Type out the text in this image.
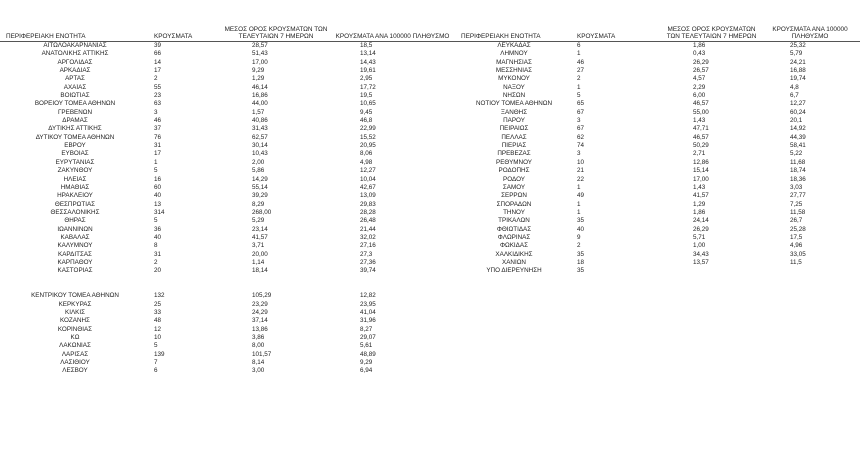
ΠΕΡΙΦΕΡΕΙΑΚΗ ΕΝΟΤΗΤΑ	ΚΡΟΥΣΜΑΤΑ	ΜΕΣΟΣ ΟΡΟΣ ΚΡΟΥΣΜΑΤΩΝ ΤΩΝ ΤΕΛΕΥΤΑΙΩΝ 7 ΗΜΕΡΩΝ	ΚΡΟΥΣΜΑΤΑ ΑΝΑ 100000 ΠΛΗΘΥΣΜΟ
ΑΙΤΩΛΟΑΚΑΡΝΑΝΙΑΣ	39	28,57	18,5
ΑΝΑΤΟΛΙΚΗΣ ΑΤΤΙΚΗΣ	66	51,43	13,14
ΑΡΓΟΛΙΔΑΣ	14	17,00	14,43
ΑΡΚΑΔΙΑΣ	17	9,29	19,61
ΑΡΤΑΣ	2	1,29	2,95
ΑΧΑΪΑΣ	55	46,14	17,72
ΒΟΙΩΤΙΑΣ	23	16,86	19,5
ΒΟΡΕΙΟΥ ΤΟΜΕΑ ΑΘΗΝΩΝ	63	44,00	10,65
ΓΡΕΒΕΝΩΝ	3	1,57	9,45
ΔΡΑΜΑΣ	46	40,86	46,8
ΔΥΤΙΚΗΣ ΑΤΤΙΚΗΣ	37	31,43	22,99
ΔΥΤΙΚΟΥ ΤΟΜΕΑ ΑΘΗΝΩΝ	76	62,57	15,52
ΕΒΡΟΥ	31	30,14	20,95
ΕΥΒΟΙΑΣ	17	10,43	8,06
ΕΥΡΥΤΑΝΙΑΣ	1	2,00	4,98
ΖΑΚΥΝΘΟΥ	5	5,86	12,27
ΗΛΕΙΑΣ	16	14,29	10,04
ΗΜΑΘΙΑΣ	60	55,14	42,67
ΗΡΑΚΛΕΙΟΥ	40	39,29	13,09
ΘΕΣΠΡΩΤΙΑΣ	13	8,29	29,83
ΘΕΣΣΑΛΟΝΙΚΗΣ	314	268,00	28,28
ΘΗΡΑΣ	5	5,29	26,48
ΙΩΑΝΝΙΝΩΝ	36	23,14	21,44
ΚΑΒΑΛΑΣ	40	41,57	32,02
ΚΑΛΥΜΝΟΥ	8	3,71	27,16
ΚΑΡΔΙΤΣΑΣ	31	20,00	27,3
ΚΑΡΠΑΘΟΥ	2	1,14	27,36
ΚΑΣΤΟΡΙΑΣ	20	18,14	39,74

ΚΕΝΤΡΙΚΟΥ ΤΟΜΕΑ ΑΘΗΝΩΝ	132	105,29	12,82
ΚΕΡΚΥΡΑΣ	25	23,29	23,95
ΚΙΛΚΙΣ	33	24,29	41,04
ΚΟΖΑΝΗΣ	48	37,14	31,96
ΚΟΡΙΝΘΙΑΣ	12	13,86	8,27
ΚΩ	10	3,86	29,07
ΛΑΚΩΝΙΑΣ	5	8,00	5,61
ΛΑΡΙΣΑΣ	139	101,57	48,89
ΛΑΣΙΘΙΟΥ	7	8,14	9,29
ΛΕΣΒΟΥ	6	3,00	6,94
ΠΕΡΙΦΕΡΕΙΑΚΗ ΕΝΟΤΗΤΑ	ΚΡΟΥΣΜΑΤΑ	ΜΕΣΟΣ ΟΡΟΣ ΚΡΟΥΣΜΑΤΩΝ ΤΩΝ ΤΕΛΕΥΤΑΙΩΝ 7 ΗΜΕΡΩΝ	ΚΡΟΥΣΜΑΤΑ ΑΝΑ 100000 ΠΛΗΘΥΣΜΟ
ΛΕΥΚΑΔΑΣ	6	1,86	25,32
ΛΗΜΝΟΥ	1	0,43	5,79
ΜΑΓΝΗΣΙΑΣ	46	26,29	24,21
ΜΕΣΣΗΝΙΑΣ	27	26,57	16,88
ΜΥΚΟΝΟΥ	2	4,57	19,74
ΝΑΞΟΥ	1	2,29	4,8
ΝΗΣΩΝ	5	6,00	6,7
ΝΟΤΙΟΥ ΤΟΜΕΑ ΑΘΗΝΩΝ	65	46,57	12,27
ΞΑΝΘΗΣ	67	55,00	60,24
ΠΑΡΟΥ	3	1,43	20,1
ΠΕΙΡΑΙΩΣ	67	47,71	14,92
ΠΕΛΛΑΣ	62	46,57	44,39
ΠΙΕΡΙΑΣ	74	50,29	58,41
ΠΡΕΒΕΖΑΣ	3	2,71	5,22
ΡΕΘΥΜΝΟΥ	10	12,86	11,68
ΡΟΔΟΠΗΣ	21	15,14	18,74
ΡΟΔΟΥ	22	17,00	18,36
ΣΑΜΟΥ	1	1,43	3,03
ΣΕΡΡΩΝ	49	41,57	27,77
ΣΠΟΡΑΔΩΝ	1	1,29	7,25
ΤΗΝΟΥ	1	1,86	11,58
ΤΡΙΚΑΛΩΝ	35	24,14	26,7
ΦΘΙΩΤΙΔΑΣ	40	26,29	25,28
ΦΛΩΡΙΝΑΣ	9	5,71	17,5
ΦΩΚΙΔΑΣ	2	1,00	4,96
ΧΑΛΚΙΔΙΚΗΣ	35	34,43	33,05
ΧΑΝΙΩΝ	18	13,57	11,5
ΥΠΟ ΔΙΕΡΕΥΝΗΣΗ	35		
